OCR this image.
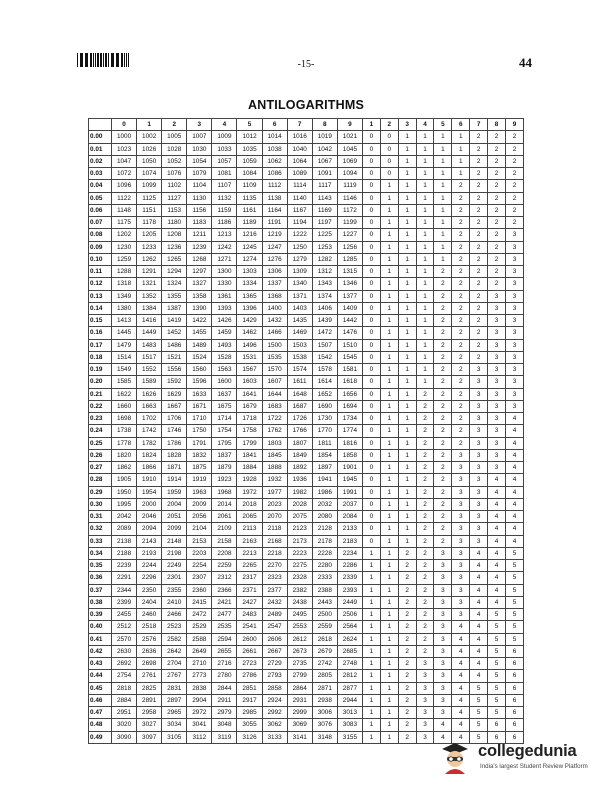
-15-	44
ANTILOGARITHMS
	0	1	2	3	4	5	6	7	8	9	1	2	3	4	5	6	7	8	9
0.00	1000	1002	1005	1007	1009	1012	1014	1016	1019	1021	0	0	1	1	1	1	2	2	2
0.01	1023	1026	1028	1030	1033	1035	1038	1040	1042	1045	0	0	1	1	1	1	2	2	2
0.02	1047	1050	1052	1054	1057	1059	1062	1064	1067	1069	0	0	1	1	1	1	2	2	2
0.03	1072	1074	1076	1079	1081	1084	1086	1089	1091	1094	0	0	1	1	1	1	2	2	2
0.04	1096	1099	1102	1104	1107	1109	1112	1114	1117	1119	0	1	1	1	1	2	2	2	2
0.05	1122	1125	1127	1130	1132	1135	1138	1140	1143	1146	0	1	1	1	1	2	2	2	2
0.06	1148	1151	1153	1156	1159	1161	1164	1167	1169	1172	0	1	1	1	1	2	2	2	2
0.07	1175	1178	1180	1183	1186	1189	1191	1194	1197	1199	0	1	1	1	1	2	2	2	2
0.08	1202	1205	1208	1211	1213	1216	1219	1222	1225	1227	0	1	1	1	1	2	2	2	3
0.09	1230	1233	1236	1239	1242	1245	1247	1250	1253	1256	0	1	1	1	1	2	2	2	3
0.10	1259	1262	1265	1268	1271	1274	1276	1279	1282	1285	0	1	1	1	1	2	2	2	3
0.11	1288	1291	1294	1297	1300	1303	1306	1309	1312	1315	0	1	1	1	2	2	2	2	3
0.12	1318	1321	1324	1327	1330	1334	1337	1340	1343	1346	0	1	1	1	2	2	2	2	3
0.13	1349	1352	1355	1358	1361	1365	1368	1371	1374	1377	0	1	1	1	2	2	2	3	3
0.14	1380	1384	1387	1390	1393	1396	1400	1403	1406	1409	0	1	1	1	2	2	2	3	3
0.15	1413	1416	1419	1422	1426	1429	1432	1435	1439	1442	0	1	1	1	2	2	2	3	3
0.16	1445	1449	1452	1455	1459	1462	1466	1469	1472	1476	0	1	1	1	2	2	2	3	3
0.17	1479	1483	1486	1489	1493	1496	1500	1503	1507	1510	0	1	1	1	2	2	2	3	3
0.18	1514	1517	1521	1524	1528	1531	1535	1538	1542	1545	0	1	1	1	2	2	2	3	3
0.19	1549	1552	1556	1560	1563	1567	1570	1574	1578	1581	0	1	1	1	2	2	3	3	3
0.20	1585	1589	1592	1596	1600	1603	1607	1611	1614	1618	0	1	1	1	2	2	3	3	3
0.21	1622	1626	1629	1633	1637	1641	1644	1648	1652	1656	0	1	1	2	2	2	3	3	3
0.22	1660	1663	1667	1671	1675	1679	1683	1687	1690	1694	0	1	1	2	2	2	3	3	3
0.23	1698	1702	1706	1710	1714	1718	1722	1726	1730	1734	0	1	1	2	2	2	3	3	4
0.24	1738	1742	1746	1750	1754	1758	1762	1766	1770	1774	0	1	1	2	2	2	3	3	4
0.25	1778	1782	1786	1791	1795	1799	1803	1807	1811	1816	0	1	1	2	2	2	3	3	4
0.26	1820	1824	1828	1832	1837	1841	1845	1849	1854	1858	0	1	1	2	2	3	3	3	4
0.27	1862	1866	1871	1875	1879	1884	1888	1892	1897	1901	0	1	1	2	2	3	3	3	4
0.28	1905	1910	1914	1919	1923	1928	1932	1936	1941	1945	0	1	1	2	2	3	3	4	4
0.29	1950	1954	1959	1963	1968	1972	1977	1982	1986	1991	0	1	1	2	2	3	3	4	4
0.30	1995	2000	2004	2009	2014	2018	2023	2028	2032	2037	0	1	1	2	2	3	3	4	4
0.31	2042	2046	2051	2056	2061	2065	2070	2075	2080	2084	0	1	1	2	2	3	3	4	4
0.32	2089	2094	2099	2104	2109	2113	2118	2123	2128	2133	0	1	1	2	2	3	3	4	4
0.33	2138	2143	2148	2153	2158	2163	2168	2173	2178	2183	0	1	1	2	2	3	3	4	4
0.34	2188	2193	2198	2203	2208	2213	2218	2223	2228	2234	1	1	2	2	3	3	4	4	5
0.35	2239	2244	2249	2254	2259	2265	2270	2275	2280	2286	1	1	2	2	3	3	4	4	5
0.36	2291	2296	2301	2307	2312	2317	2323	2328	2333	2339	1	1	2	2	3	3	4	4	5
0.37	2344	2350	2355	2360	2366	2371	2377	2382	2388	2393	1	1	2	2	3	3	4	4	5
0.38	2399	2404	2410	2415	2421	2427	2432	2438	2443	2449	1	1	2	2	3	3	4	4	5
0.39	2455	2460	2466	2472	2477	2483	2489	2495	2500	2506	1	1	2	2	3	3	4	5	5
0.40	2512	2518	2523	2529	2535	2541	2547	2553	2559	2564	1	1	2	2	3	4	4	5	5
0.41	2570	2576	2582	2588	2594	2600	2606	2612	2618	2624	1	1	2	2	3	4	4	5	5
0.42	2630	2636	2642	2649	2655	2661	2667	2673	2679	2685	1	1	2	2	3	4	4	5	6
0.43	2692	2698	2704	2710	2716	2723	2729	2735	2742	2748	1	1	2	3	3	4	4	5	6
0.44	2754	2761	2767	2773	2780	2786	2793	2799	2805	2812	1	1	2	3	3	4	4	5	6
0.45	2818	2825	2831	2838	2844	2851	2858	2864	2871	2877	1	1	2	3	3	4	5	5	6
0.46	2884	2891	2897	2904	2911	2917	2924	2931	2938	2944	1	1	2	3	3	4	5	5	6
0.47	2951	2958	2965	2972	2979	2985	2992	2999	3006	3013	1	1	2	3	3	4	5	5	6
0.48	3020	3027	3034	3041	3048	3055	3062	3069	3076	3083	1	1	2	3	4	4	5	6	6
0.49	3090	3097	3105	3112	3119	3126	3133	3141	3148	3155	1	1	2	3	4	4	5	6	6
collegedunia
India's largest Student Review Platform
